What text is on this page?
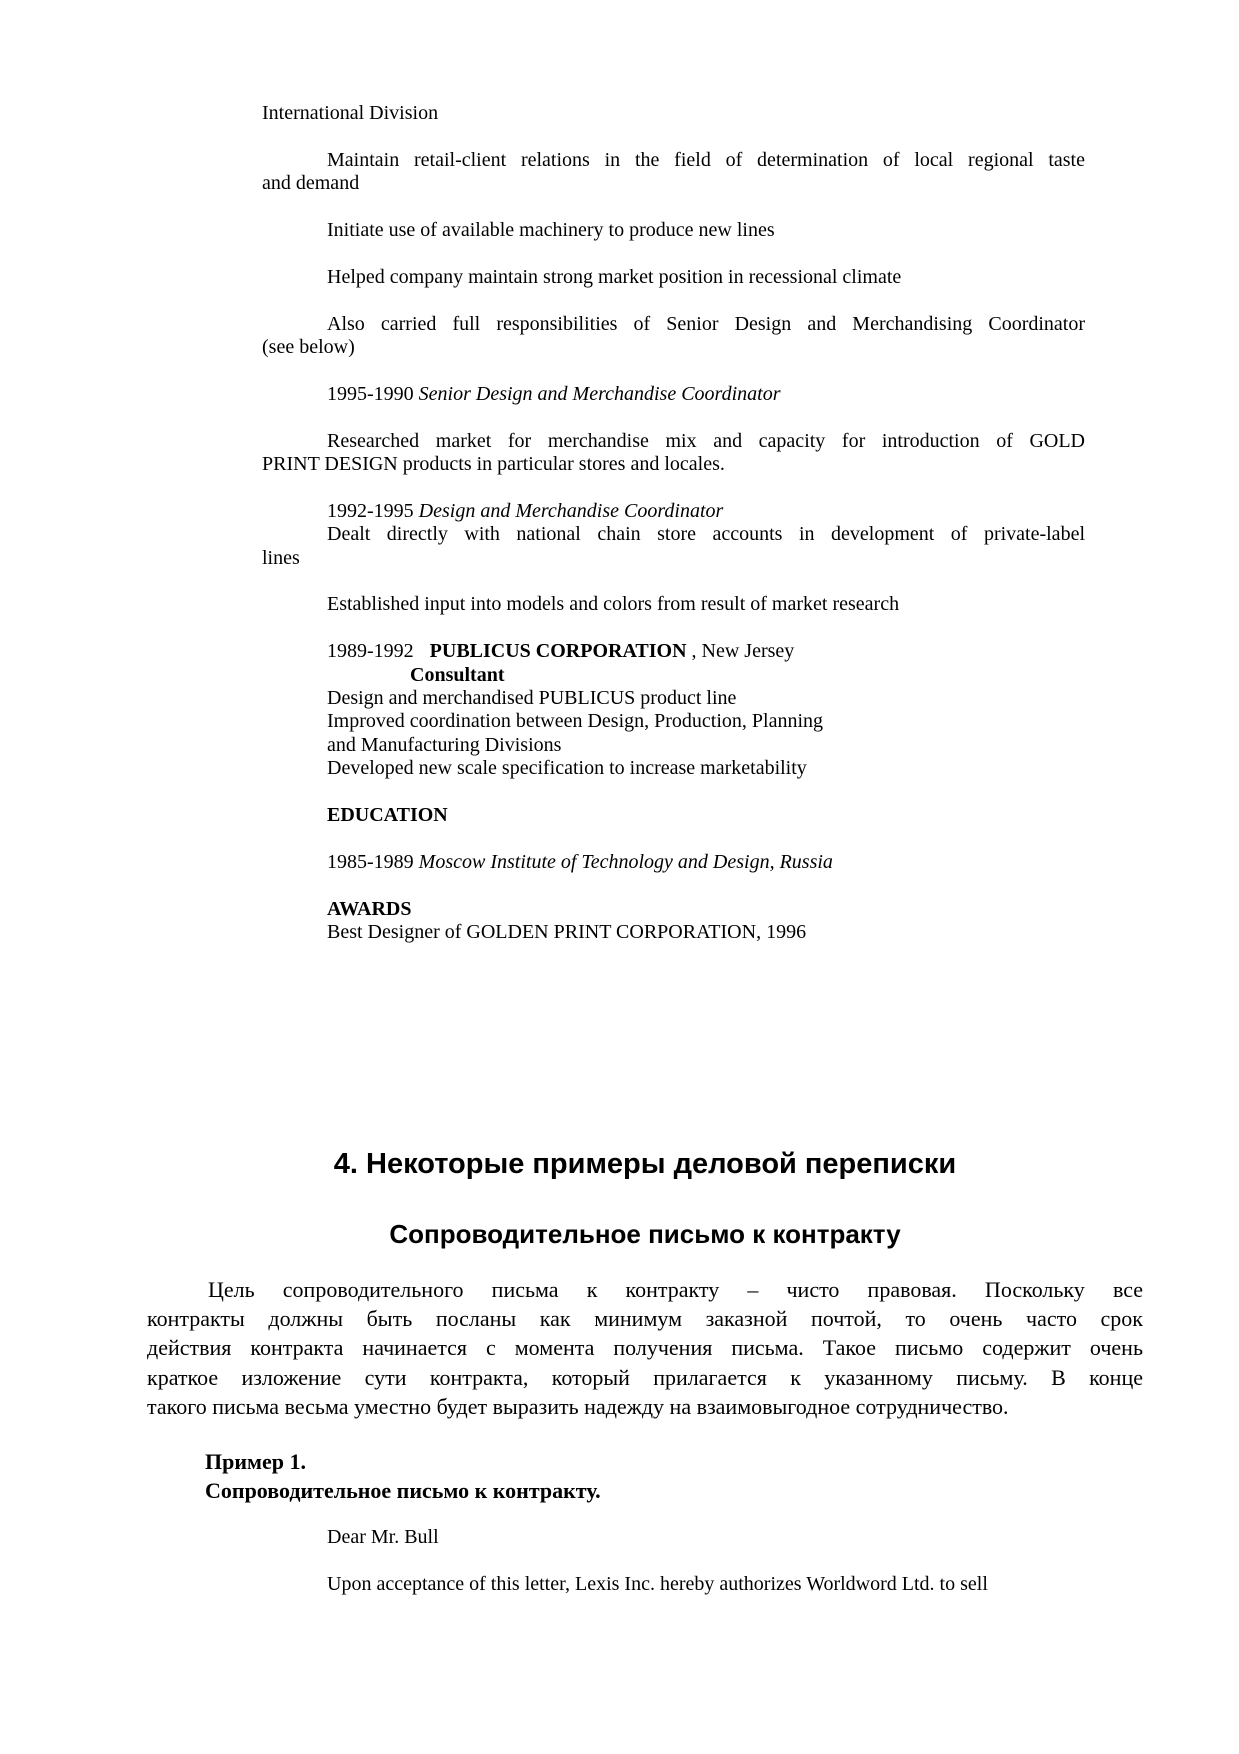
International Division
Maintain retail-client relations in the field of determination of local regional taste
and demand
Initiate use of available machinery to produce new lines
Helped company maintain strong market position in recessional climate
Also carried full responsibilities of Senior Design and Merchandising Coordinator
(see below)
1995-1990 Senior Design and Merchandise Coordinator
Researched market for merchandise mix and capacity for introduction of GOLD
PRINT DESIGN products in particular stores and locales.
1992-1995 Design and Merchandise Coordinator
Dealt directly with national chain store accounts in development of private-label
lines
Established input into models and colors from result of market research
1989-1992 PUBLICUS CORPORATION , New Jersey
Consultant
Design and merchandised PUBLICUS product line
Improved coordination between Design, Production, Planning
and Manufacturing Divisions
Developed new scale specification to increase marketability
EDUCATION
1985-1989 Moscow Institute of Technology and Design, Russia
AWARDS
Best Designer of GOLDEN PRINT CORPORATION, 1996
4. Некоторые примеры деловой переписки
Сопроводительное письмо к контракту
Цель сопроводительного письма к контракту – чисто правовая. Поскольку все
контракты должны быть посланы как минимум заказной почтой, то очень часто срок
действия контракта начинается с момента получения письма. Такое письмо содержит очень
краткое изложение сути контракта, который прилагается к указанному письму. В конце
такого письма весьма уместно будет выразить надежду на взаимовыгодное сотрудничество.
Пример 1.
Сопроводительное письмо к контракту.
Dear Mr. Bull
Upon acceptance of this letter, Lexis Inc. hereby authorizes Worldword Ltd. to sell
